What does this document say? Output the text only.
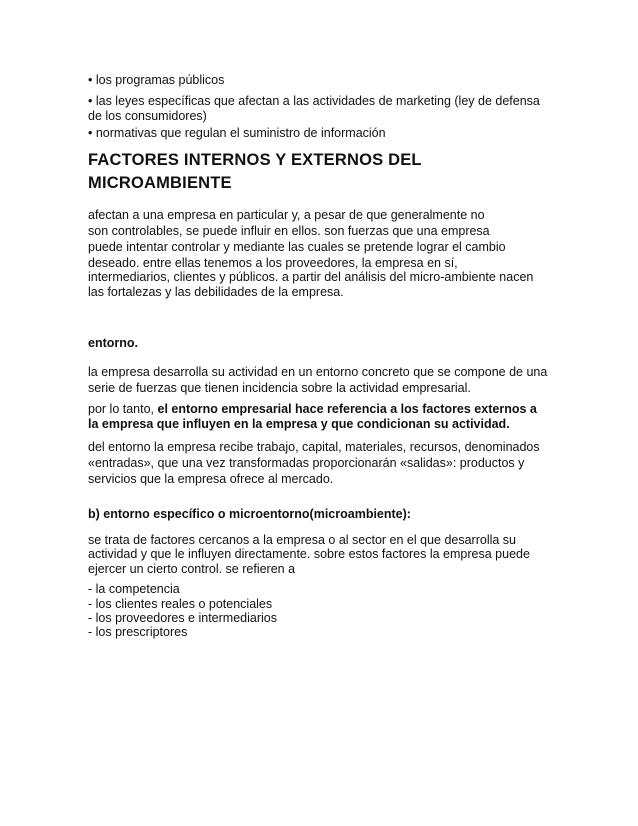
• los programas públicos
• las leyes específicas que afectan a las actividades de marketing (ley de defensa
de los consumidores)
• normativas que regulan el suministro de información
FACTORES INTERNOS Y EXTERNOS DEL
MICROAMBIENTE
afectan a una empresa en particular y, a pesar de que generalmente no
son controlables, se puede influir en ellos. son fuerzas que una empresa
puede intentar controlar y mediante las cuales se pretende lograr el cambio
deseado. entre ellas tenemos a los proveedores, la empresa en sí,
intermediarios, clientes y públicos. a partir del análisis del micro-ambiente nacen
las fortalezas y las debilidades de la empresa.
entorno.
la empresa desarrolla su actividad en un entorno concreto que se compone de una
serie de fuerzas que tienen incidencia sobre la actividad empresarial.
por lo tanto, el entorno empresarial hace referencia a los factores externos a
la empresa que influyen en la empresa y que condicionan su actividad.
del entorno la empresa recibe trabajo, capital, materiales, recursos, denominados
«entradas», que una vez transformadas proporcionarán «salidas»: productos y
servicios que la empresa ofrece al mercado.
b) entorno específico o microentorno(microambiente):
se trata de factores cercanos a la empresa o al sector en el que desarrolla su
actividad y que le influyen directamente. sobre estos factores la empresa puede
ejercer un cierto control. se refieren a
- la competencia
- los clientes reales o potenciales
- los proveedores e intermediarios
- los prescriptores
